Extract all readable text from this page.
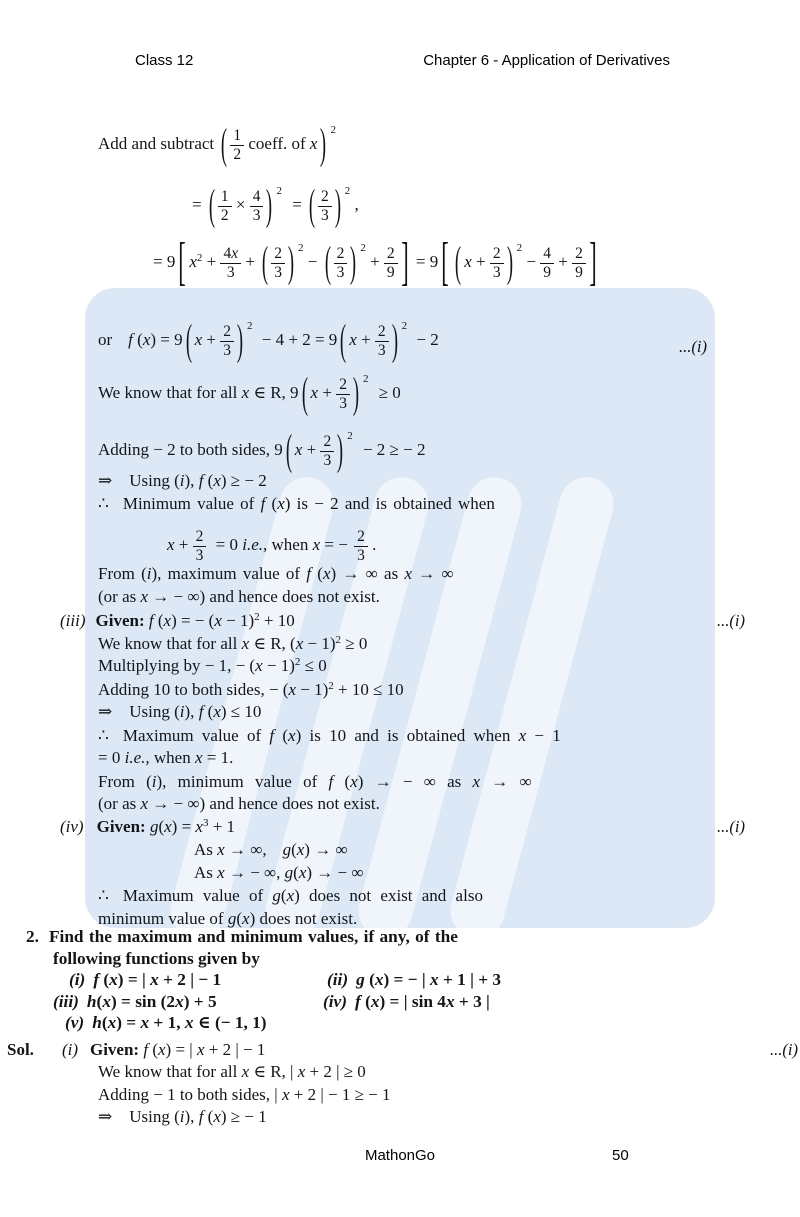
Class 12	Chapter 6 - Application of Derivatives
Add and subtract ( $\frac{1}{2}$ coeff. of x) $^2$
= ( $\frac{1}{2} \times \frac{4}{3}$ ) $^2$ = ( $\frac{2}{3}$ ) $^2$ ,
= 9 [ $x^2 + \frac{4x}{3}$ + ( $\frac{2}{3}$ ) $^2$ − ( $\frac{2}{3}$ ) $^2 + \frac{2}{9}$ ] = 9 [ ( $x + \frac{2}{3}$ ) $^2 - \frac{4}{9} + \frac{2}{9}$ ]
or f (x) = 9( $x + \frac{2}{3}$ ) $^2$ − 4 + 2 = 9( $x + \frac{2}{3}$ ) $^2$ − 2	...(i)
We know that for all x ∈ R, 9( $x + \frac{2}{3}$ ) $^2$ ≥ 0
Adding − 2 to both sides, 9( $x + \frac{2}{3}$ ) $^2$ − 2 ≥ − 2
⇒ Using (i), f (x) ≥ − 2
∴ Minimum value of f (x) is − 2 and is obtained when
$x + \frac{2}{3} = 0$ i.e., when x = − $\frac{2}{3}$ .
From (i), maximum value of f (x) → ∞ as x → ∞
(or as x → − ∞) and hence does not exist.
(iii) Given: f (x) = − $(x - 1)^2 + 10$	...(i)
We know that for all x ∈ R, $(x - 1)^2 \ge 0$
Multiplying by − 1, − $(x - 1)^2 \le 0$
Adding 10 to both sides, − $(x - 1)^2 + 10 \le 10$
⇒ Using (i), f (x) ≤ 10
∴ Maximum value of f (x) is 10 and is obtained when x − 1
= 0 i.e., when x = 1.
From (i), minimum value of f (x) → − ∞ as x → ∞
(or as x → − ∞) and hence does not exist.
(iv) Given: $g(x) = x^3 + 1$	...(i)
As x → ∞, g(x) → ∞
As x → − ∞, g(x) → − ∞
∴ Maximum value of g(x) does not exist and also
minimum value of g(x) does not exist.
2. Find the maximum and minimum values, if any, of the
following functions given by
(i) f (x) = | x + 2 | − 1	(ii) g (x) = − | x + 1 | + 3
(iii) h(x) = sin (2x) + 5	(iv) f (x) = | sin 4x + 3 |
(v) h(x) = x + 1, x ∈ (− 1, 1)
Sol. (i) Given: f (x) = | x + 2 | − 1	...(i)
We know that for all x ∈ R, | x + 2 | ≥ 0
Adding − 1 to both sides, | x + 2 | − 1 ≥ − 1
⇒ Using (i), f (x) ≥ − 1
MathonGo	50
